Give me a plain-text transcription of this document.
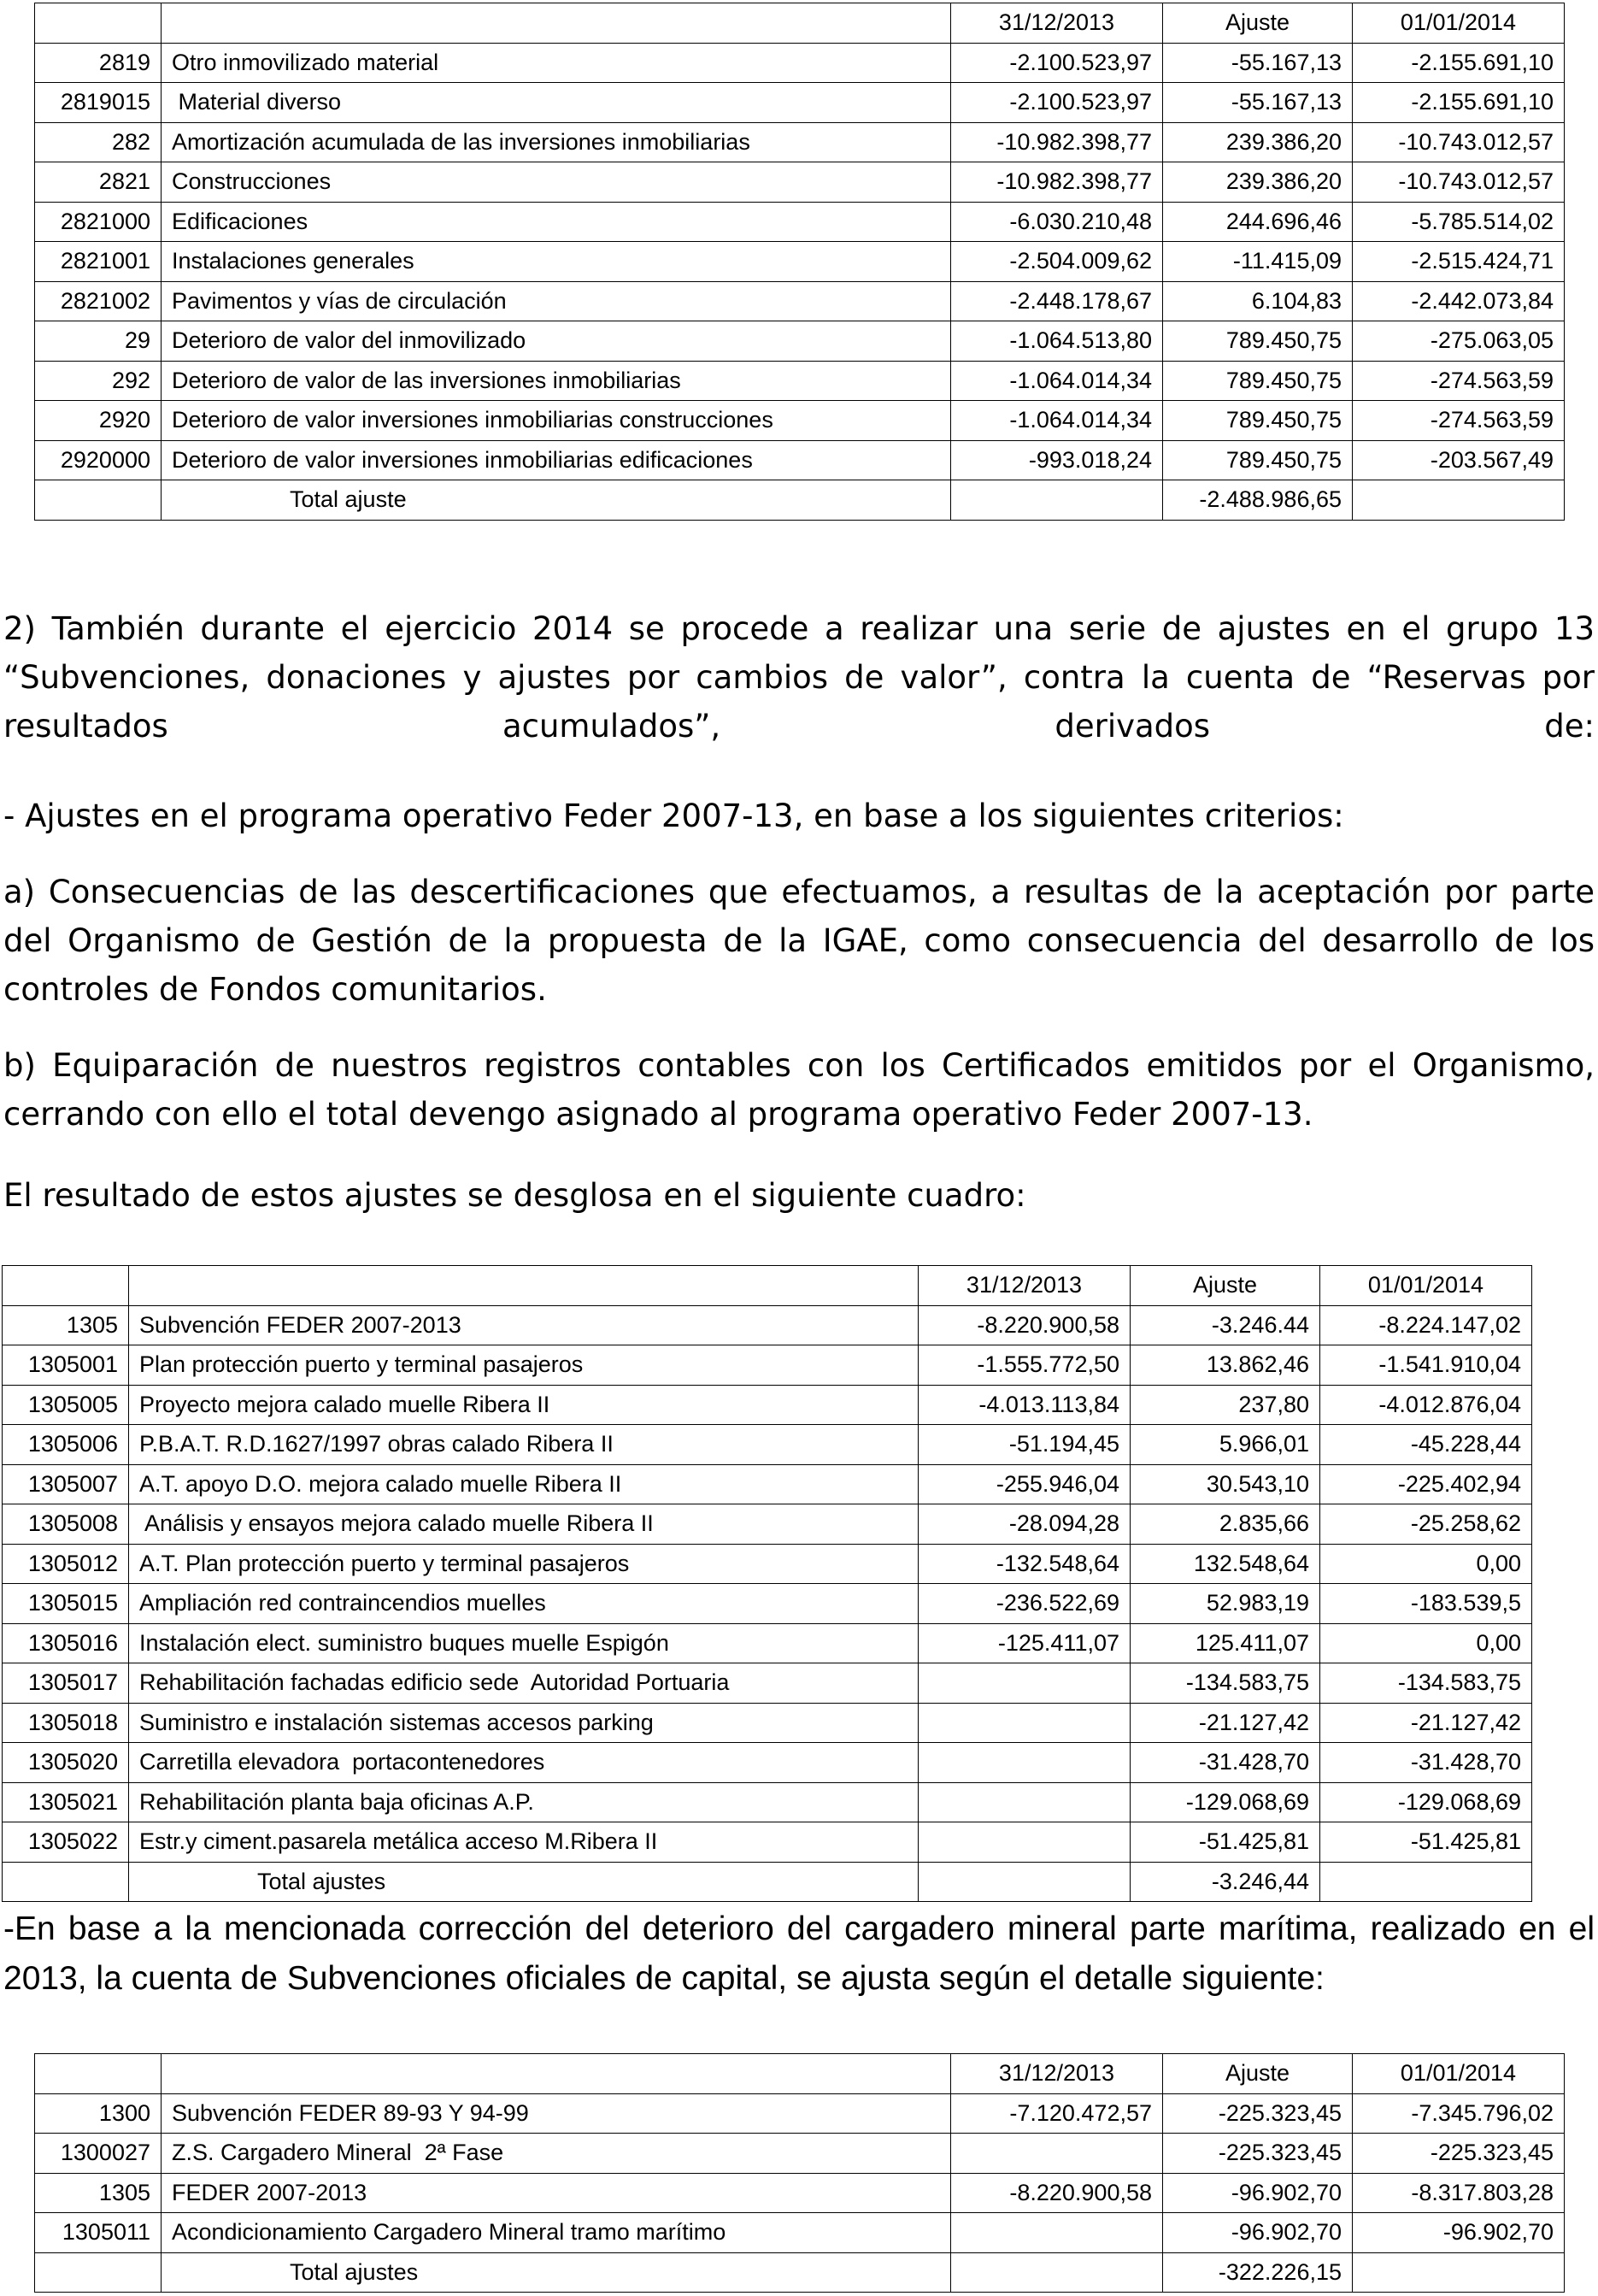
		31/12/2013	Ajuste	01/01/2014
2819	Otro inmovilizado material	-2.100.523,97	-55.167,13	-2.155.691,10
2819015	Material diverso	-2.100.523,97	-55.167,13	-2.155.691,10
282	Amortización acumulada de las inversiones inmobiliarias	-10.982.398,77	239.386,20	-10.743.012,57
2821	Construcciones	-10.982.398,77	239.386,20	-10.743.012,57
2821000	Edificaciones	-6.030.210,48	244.696,46	-5.785.514,02
2821001	Instalaciones generales	-2.504.009,62	-11.415,09	-2.515.424,71
2821002	Pavimentos y vías de circulación	-2.448.178,67	6.104,83	-2.442.073,84
29	Deterioro de valor del inmovilizado	-1.064.513,80	789.450,75	-275.063,05
292	Deterioro de valor de las inversiones inmobiliarias	-1.064.014,34	789.450,75	-274.563,59
2920	Deterioro de valor inversiones inmobiliarias construcciones	-1.064.014,34	789.450,75	-274.563,59
2920000	Deterioro de valor inversiones inmobiliarias edificaciones	-993.018,24	789.450,75	-203.567,49
	Total ajuste		-2.488.986,65	

2) También durante el ejercicio 2014 se procede a realizar una serie de ajustes en el grupo 13 “Subvenciones, donaciones y ajustes por cambios de valor”, contra la cuenta de “Reservas por resultados acumulados”, derivados de:

- Ajustes en el programa operativo Feder 2007-13, en base a los siguientes criterios:

a) Consecuencias de las descertificaciones que efectuamos, a resultas de la aceptación por parte del Organismo de Gestión de la propuesta de la IGAE, como consecuencia del desarrollo de los controles de Fondos comunitarios.

b) Equiparación de nuestros registros contables con los Certificados emitidos por el Organismo, cerrando con ello el total devengo asignado al programa operativo Feder 2007-13.

El resultado de estos ajustes se desglosa en el siguiente cuadro:

		31/12/2013	Ajuste	01/01/2014
1305	Subvención FEDER 2007-2013	-8.220.900,58	-3.246.44	-8.224.147,02
1305001	Plan protección puerto y terminal pasajeros	-1.555.772,50	13.862,46	-1.541.910,04
1305005	Proyecto mejora calado muelle Ribera II	-4.013.113,84	237,80	-4.012.876,04
1305006	P.B.A.T. R.D.1627/1997 obras calado Ribera II	-51.194,45	5.966,01	-45.228,44
1305007	A.T. apoyo D.O. mejora calado muelle Ribera II	-255.946,04	30.543,10	-225.402,94
1305008	Análisis y ensayos mejora calado muelle Ribera II	-28.094,28	2.835,66	-25.258,62
1305012	A.T. Plan protección puerto y terminal pasajeros	-132.548,64	132.548,64	0,00
1305015	Ampliación red contraincendios muelles	-236.522,69	52.983,19	-183.539,5
1305016	Instalación elect. suministro buques muelle Espigón	-125.411,07	125.411,07	0,00
1305017	Rehabilitación fachadas edificio sede  Autoridad Portuaria		-134.583,75	-134.583,75
1305018	Suministro e instalación sistemas accesos parking		-21.127,42	-21.127,42
1305020	Carretilla elevadora  portacontenedores		-31.428,70	-31.428,70
1305021	Rehabilitación planta baja oficinas A.P.		-129.068,69	-129.068,69
1305022	Estr.y ciment.pasarela metálica acceso M.Ribera II		-51.425,81	-51.425,81
	Total ajustes		-3.246,44	

-En base a la mencionada corrección del deterioro del cargadero mineral parte marítima, realizado en el 2013, la cuenta de Subvenciones oficiales de capital, se ajusta según el detalle siguiente:

		31/12/2013	Ajuste	01/01/2014
1300	Subvención FEDER 89-93 Y 94-99	-7.120.472,57	-225.323,45	-7.345.796,02
1300027	Z.S. Cargadero Mineral  2ª Fase		-225.323,45	-225.323,45
1305	FEDER 2007-2013	-8.220.900,58	-96.902,70	-8.317.803,28
1305011	Acondicionamiento Cargadero Mineral tramo marítimo		-96.902,70	-96.902,70
	Total ajustes		-322.226,15	
